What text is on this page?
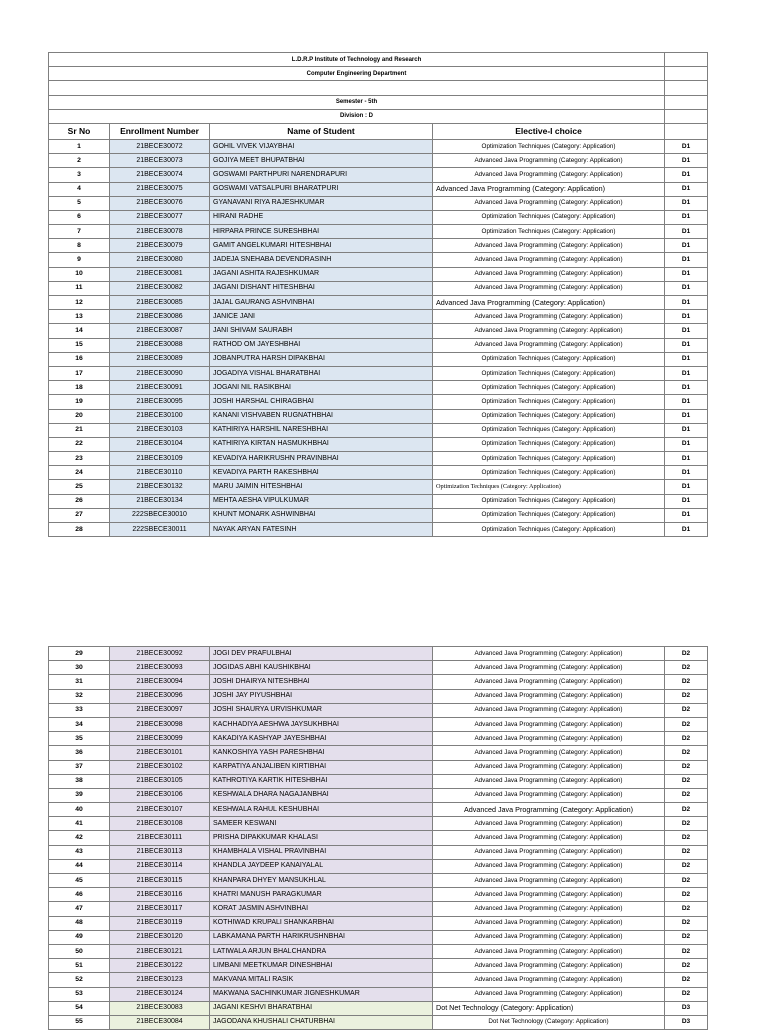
L.D.R.P Institute of Technology and Research				
Computer Engineering Department				

Semester - 5th				
Division : D				
Sr No	Enrollment Number	Name of Student	Elective-I choice	
1	21BECE30072	GOHIL VIVEK VIJAYBHAI	Optimization Techniques (Category: Application)	D1
2	21BECE30073	GOJIYA MEET BHUPATBHAI	Advanced Java Programming (Category: Application)	D1
3	21BECE30074	GOSWAMI PARTHPURI NARENDRAPURI	Advanced Java Programming (Category: Application)	D1
4	21BECE30075	GOSWAMI VATSALPURI BHARATPURI	Advanced Java Programming (Category: Application)	D1
5	21BECE30076	GYANAVANI RIYA RAJESHKUMAR	Advanced Java Programming (Category: Application)	D1
6	21BECE30077	HIRANI RADHE	Optimization Techniques (Category: Application)	D1
7	21BECE30078	HIRPARA PRINCE SURESHBHAI	Optimization Techniques (Category: Application)	D1
8	21BECE30079	GAMIT ANGELKUMARI HITESHBHAI	Advanced Java Programming (Category: Application)	D1
9	21BECE30080	JADEJA SNEHABA DEVENDRASINH	Advanced Java Programming (Category: Application)	D1
10	21BECE30081	JAGANI ASHITA RAJESHKUMAR	Advanced Java Programming (Category: Application)	D1
11	21BECE30082	JAGANI DISHANT HITESHBHAI	Advanced Java Programming (Category: Application)	D1
12	21BECE30085	JAJAL GAURANG ASHVINBHAI	Advanced Java Programming (Category: Application)	D1
13	21BECE30086	JANICE JANI	Advanced Java Programming (Category: Application)	D1
14	21BECE30087	JANI SHIVAM SAURABH	Advanced Java Programming (Category: Application)	D1
15	21BECE30088	RATHOD OM JAYESHBHAI	Advanced Java Programming (Category: Application)	D1
16	21BECE30089	JOBANPUTRA HARSH DIPAKBHAI	Optimization Techniques (Category: Application)	D1
17	21BECE30090	JOGADIYA VISHAL BHARATBHAI	Optimization Techniques (Category: Application)	D1
18	21BECE30091	JOGANI NIL RASIKBHAI	Optimization Techniques (Category: Application)	D1
19	21BECE30095	JOSHI HARSHAL CHIRAGBHAI	Optimization Techniques (Category: Application)	D1
20	21BECE30100	KANANI VISHVABEN RUGNATHBHAI	Optimization Techniques (Category: Application)	D1
21	21BECE30103	KATHIRIYA HARSHIL NARESHBHAI	Optimization Techniques (Category: Application)	D1
22	21BECE30104	KATHIRIYA KIRTAN HASMUKHBHAI	Optimization Techniques (Category: Application)	D1
23	21BECE30109	KEVADIYA HARIKRUSHN PRAVINBHAI	Optimization Techniques (Category: Application)	D1
24	21BECE30110	KEVADIYA PARTH RAKESHBHAI	Optimization Techniques (Category: Application)	D1
25	21BECE30132	MARU JAIMIN HITESHBHAI	Optimization Techniques (Category: Application)	D1
26	21BECE30134	MEHTA AESHA VIPULKUMAR	Optimization Techniques (Category: Application)	D1
27	222SBECE30010	KHUNT MONARK ASHWINBHAI	Optimization Techniques (Category: Application)	D1
28	222SBECE30011	NAYAK ARYAN FATESINH	Optimization Techniques (Category: Application)	D1
29	21BECE30092	JOGI DEV PRAFULBHAI	Advanced Java Programming (Category: Application)	D2
30	21BECE30093	JOGIDAS ABHI KAUSHIKBHAI	Advanced Java Programming (Category: Application)	D2
31	21BECE30094	JOSHI DHAIRYA NITESHBHAI	Advanced Java Programming (Category: Application)	D2
32	21BECE30096	JOSHI JAY PIYUSHBHAI	Advanced Java Programming (Category: Application)	D2
33	21BECE30097	JOSHI SHAURYA URVISHKUMAR	Advanced Java Programming (Category: Application)	D2
34	21BECE30098	KACHHADIYA AESHWA JAYSUKHBHAI	Advanced Java Programming (Category: Application)	D2
35	21BECE30099	KAKADIYA KASHYAP JAYESHBHAI	Advanced Java Programming (Category: Application)	D2
36	21BECE30101	KANKOSHIYA YASH PARESHBHAI	Advanced Java Programming (Category: Application)	D2
37	21BECE30102	KARPATIYA ANJALIBEN KIRTIBHAI	Advanced Java Programming (Category: Application)	D2
38	21BECE30105	KATHROTIYA KARTIK HITESHBHAI	Advanced Java Programming (Category: Application)	D2
39	21BECE30106	KESHWALA DHARA NAGAJANBHAI	Advanced Java Programming (Category: Application)	D2
40	21BECE30107	KESHWALA RAHUL KESHUBHAI	Advanced Java Programming (Category: Application)	D2
41	21BECE30108	SAMEER KESWANI	Advanced Java Programming (Category: Application)	D2
42	21BECE30111	PRISHA DIPAKKUMAR KHALASI	Advanced Java Programming (Category: Application)	D2
43	21BECE30113	KHAMBHALA VISHAL PRAVINBHAI	Advanced Java Programming (Category: Application)	D2
44	21BECE30114	KHANDLA JAYDEEP KANAIYALAL	Advanced Java Programming (Category: Application)	D2
45	21BECE30115	KHANPARA DHYEY MANSUKHLAL	Advanced Java Programming (Category: Application)	D2
46	21BECE30116	KHATRI MANUSH PARAGKUMAR	Advanced Java Programming (Category: Application)	D2
47	21BECE30117	KORAT JASMIN ASHVINBHAI	Advanced Java Programming (Category: Application)	D2
48	21BECE30119	KOTHIWAD KRUPALI SHANKARBHAI	Advanced Java Programming (Category: Application)	D2
49	21BECE30120	LABKAMANA PARTH HARIKRUSHNBHAI	Advanced Java Programming (Category: Application)	D2
50	21BECE30121	LATIWALA ARJUN BHALCHANDRA	Advanced Java Programming (Category: Application)	D2
51	21BECE30122	LIMBANI MEETKUMAR DINESHBHAI	Advanced Java Programming (Category: Application)	D2
52	21BECE30123	MAKVANA MITALI RASIK	Advanced Java Programming (Category: Application)	D2
53	21BECE30124	MAKWANA SACHINKUMAR JIGNESHKUMAR	Advanced Java Programming (Category: Application)	D2
54	21BECE30083	JAGANI KESHVI BHARATBHAI	Dot Net Technology (Category: Application)	D3
55	21BECE30084	JAGODANA KHUSHALI CHATURBHAI	Dot Net Technology (Category: Application)	D3
